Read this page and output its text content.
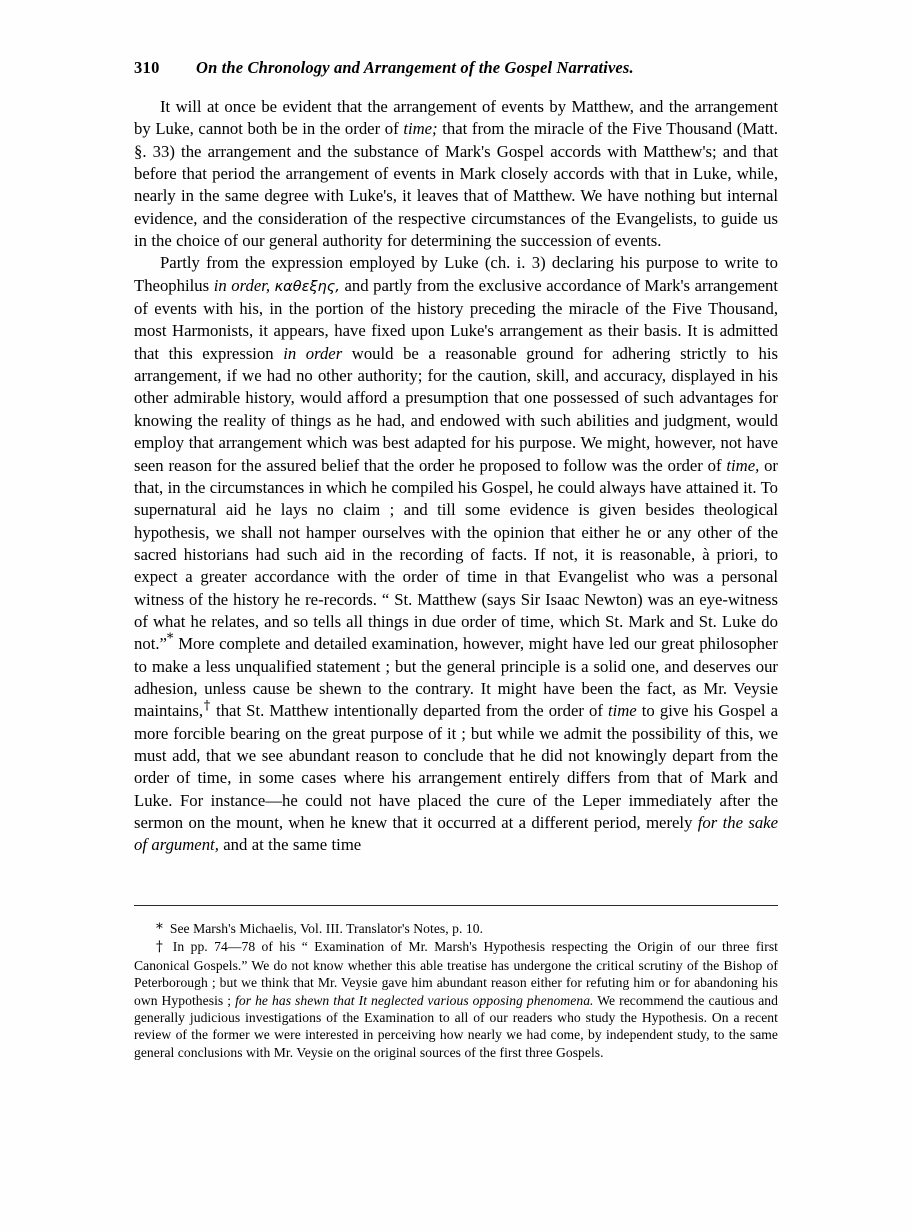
310	On the Chronology and Arrangement of the Gospel Narratives.

It will at once be evident that the arrangement of events by Matthew, and the arrangement by Luke, cannot both be in the order of time; that from the miracle of the Five Thousand (Matt. §. 33) the arrangement and the substance of Mark's Gospel accords with Matthew's; and that before that period the arrangement of events in Mark closely accords with that in Luke, while, nearly in the same degree with Luke's, it leaves that of Matthew. We have nothing but internal evidence, and the consideration of the respective circumstances of the Evangelists, to guide us in the choice of our general authority for determining the succession of events.

Partly from the expression employed by Luke (ch. i. 3) declaring his purpose to write to Theophilus in order, καθεξης, and partly from the exclusive accordance of Mark's arrangement of events with his, in the portion of the history preceding the miracle of the Five Thousand, most Harmonists, it appears, have fixed upon Luke's arrangement as their basis. It is admitted that this expression in order would be a reasonable ground for adhering strictly to his arrangement, if we had no other authority; for the caution, skill, and accuracy, displayed in his other admirable history, would afford a presumption that one possessed of such advantages for knowing the reality of things as he had, and endowed with such abilities and judgment, would employ that arrangement which was best adapted for his purpose. We might, however, not have seen reason for the assured belief that the order he proposed to follow was the order of time, or that, in the circumstances in which he compiled his Gospel, he could always have attained it. To supernatural aid he lays no claim ; and till some evidence is given besides theological hypothesis, we shall not hamper ourselves with the opinion that either he or any other of the sacred historians had such aid in the recording of facts. If not, it is reasonable, à priori, to expect a greater accordance with the order of time in that Evangelist who was a personal witness of the history he re-records. “ St. Matthew (says Sir Isaac Newton) was an eye-witness of what he relates, and so tells all things in due order of time, which St. Mark and St. Luke do not.”* More complete and detailed examination, however, might have led our great philosopher to make a less unqualified statement ; but the general principle is a solid one, and deserves our adhesion, unless cause be shewn to the contrary. It might have been the fact, as Mr. Veysie maintains,† that St. Matthew intentionally departed from the order of time to give his Gospel a more forcible bearing on the great purpose of it ; but while we admit the possibility of this, we must add, that we see abundant reason to conclude that he did not knowingly depart from the order of time, in some cases where his arrangement entirely differs from that of Mark and Luke. For instance—he could not have placed the cure of the Leper immediately after the sermon on the mount, when he knew that it occurred at a different period, merely for the sake of argument, and at the same time

* See Marsh's Michaelis, Vol. III. Translator's Notes, p. 10.

† In pp. 74—78 of his “ Examination of Mr. Marsh's Hypothesis respecting the Origin of our three first Canonical Gospels.” We do not know whether this able treatise has undergone the critical scrutiny of the Bishop of Peterborough ; but we think that Mr. Veysie gave him abundant reason either for refuting him or for abandoning his own Hypothesis ; for he has shewn that It neglected various opposing phenomena. We recommend the cautious and generally judicious investigations of the Examination to all of our readers who study the Hypothesis. On a recent review of the former we were interested in perceiving how nearly we had come, by independent study, to the same general conclusions with Mr. Veysie on the original sources of the first three Gospels.
